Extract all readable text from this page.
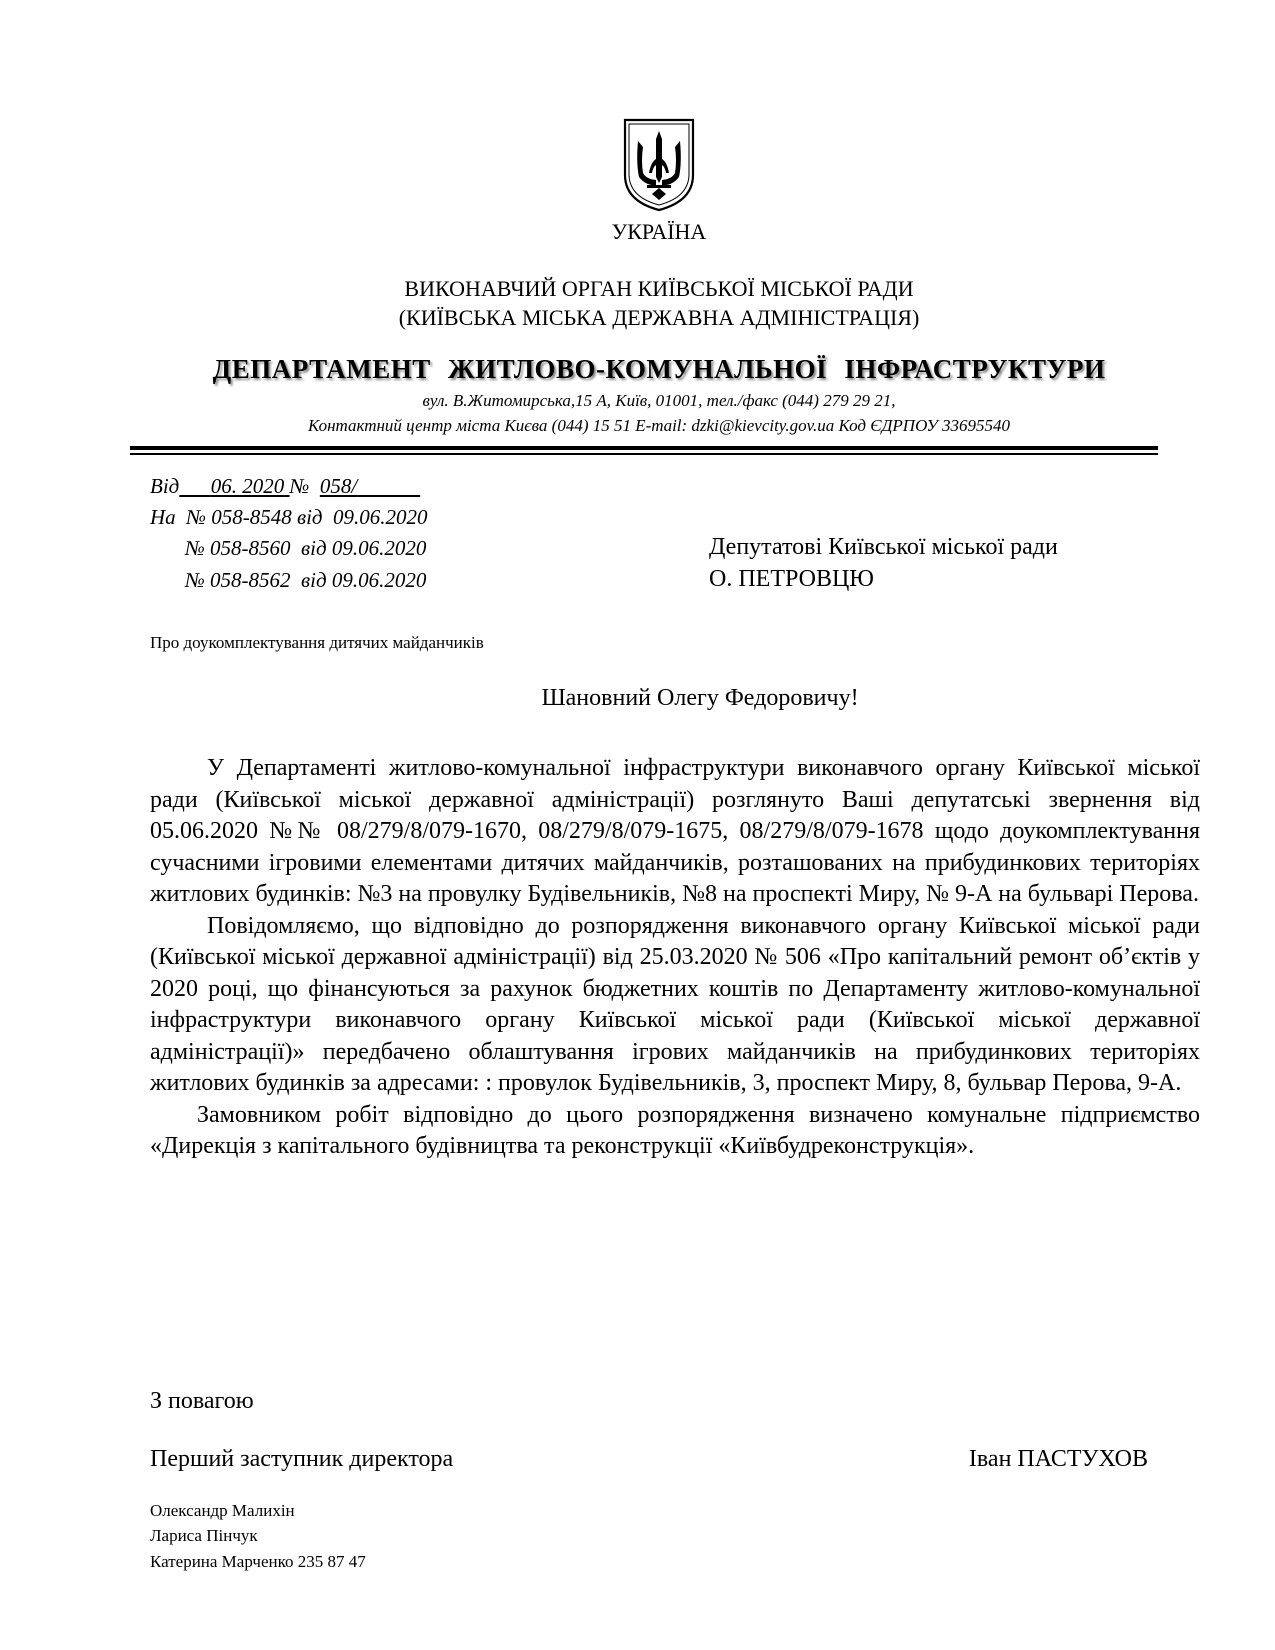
УКРАЇНА
ВИКОНАВЧИЙ ОРГАН КИЇВСЬКОЇ МІСЬКОЇ РАДИ
(КИЇВСЬКА МІСЬКА ДЕРЖАВНА АДМІНІСТРАЦІЯ)
ДЕПАРТАМЕНТ ЖИТЛОВО-КОМУНАЛЬНОЇ ІНФРАСТРУКТУРИ
вул. В.Житомирська,15 А, Київ, 01001, тел./факс (044) 279 29 21,
Контактний центр міста Києва (044) 15 51 E-mail: dzki@kievcity.gov.ua Код ЄДРПОУ 33695540
Від 06. 2020 № 058/
На № 058-8548 від 09.06.2020
№ 058-8560 від 09.06.2020
№ 058-8562 від 09.06.2020
Депутатові Київської міської ради
О. ПЕТРОВЦЮ
Про доукомплектування дитячих майданчиків
Шановний Олегу Федоровичу!

У Департаменті житлово-комунальної інфраструктури виконавчого органу Київської міської ради (Київської міської державної адміністрації) розглянуто Ваші депутатські звернення від 05.06.2020 №№ 08/279/8/079-1670, 08/279/8/079-1675, 08/279/8/079-1678 щодо доукомплектування сучасними ігровими елементами дитячих майданчиків, розташованих на прибудинкових територіях житлових будинків: №3 на провулку Будівельників, №8 на проспекті Миру, № 9-А на бульварі Перова.

Повідомляємо, що відповідно до розпорядження виконавчого органу Київської міської ради (Київської міської державної адміністрації) від 25.03.2020 № 506 «Про капітальний ремонт об’єктів у 2020 році, що фінансуються за рахунок бюджетних коштів по Департаменту житлово-комунальної інфраструктури виконавчого органу Київської міської ради (Київської міської державної адміністрації)» передбачено облаштування ігрових майданчиків на прибудинкових територіях житлових будинків за адресами: : провулок Будівельників, 3, проспект Миру, 8, бульвар Перова, 9-А.

Замовником робіт відповідно до цього розпорядження визначено комунальне підприємство «Дирекція з капітального будівництва та реконструкції «Київбудреконструкція».

З повагою
Перший заступник директора	Іван ПАСТУХОВ
Олександр Малихін
Лариса Пінчук
Катерина Марченко 235 87 47
